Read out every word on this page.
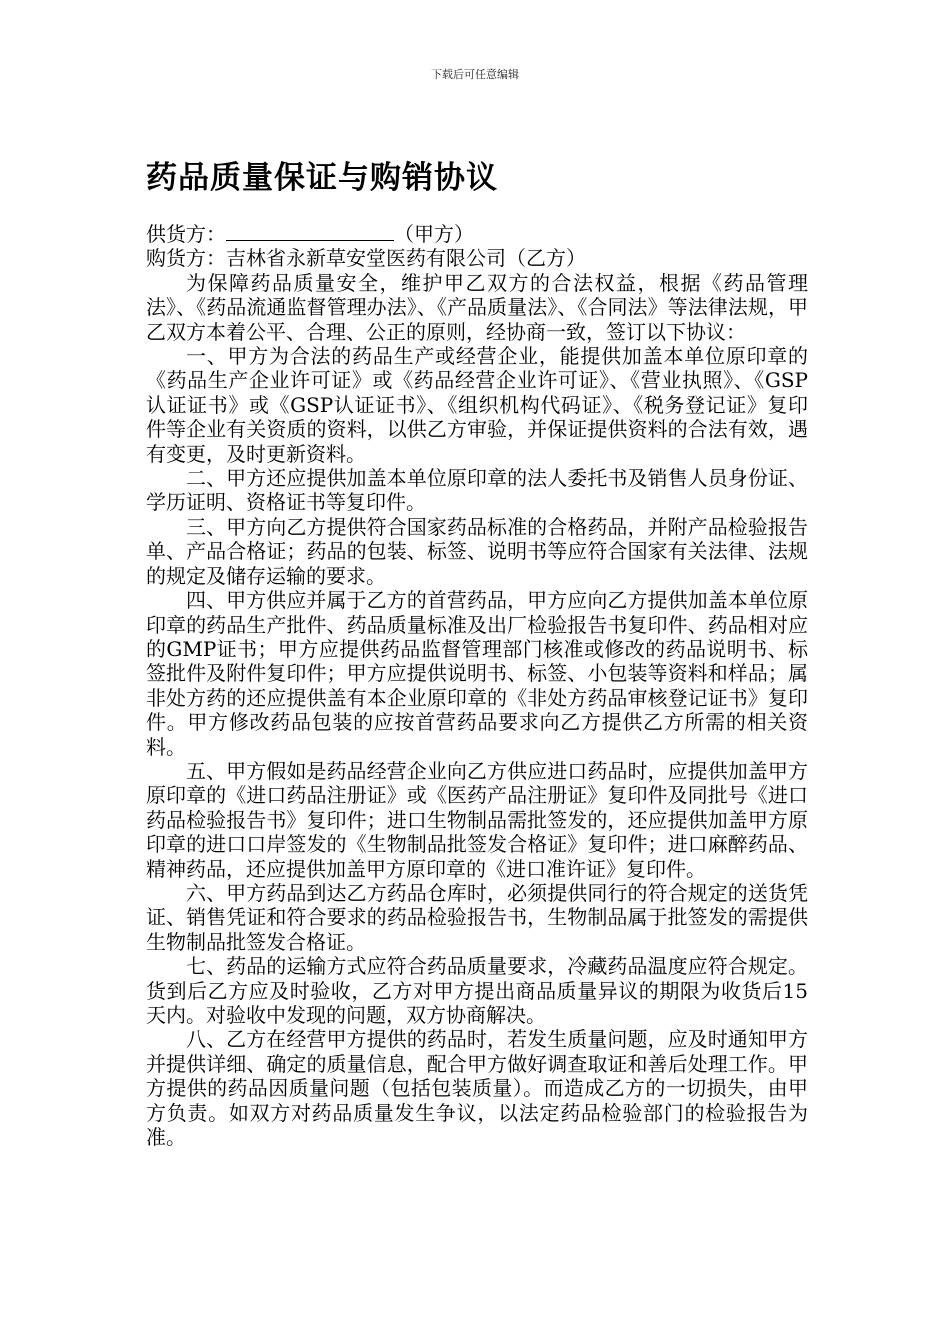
下载后可任意编辑
药品质量保证与购销协议

供货方：	（甲方）

购货方：吉林省永新草安堂医药有限公司（乙方）

为保障药品质量安全，维护甲乙双方的合法权益，根据《药品管理法》、《药品流通监督管理办法》、《产品质量法》、《合同法》等法律法规，甲乙双方本着公平、合理、公正的原则，经协商一致，签订以下协议：

一、甲方为合法的药品生产或经营企业，能提供加盖本单位原印章的《药品生产企业许可证》或《药品经营企业许可证》、《营业执照》、《GSP认证证书》或《GSP认证证书》、《组织机构代码证》、《税务登记证》复印件等企业有关资质的资料，以供乙方审验，并保证提供资料的合法有效，遇有变更，及时更新资料。

二、甲方还应提供加盖本单位原印章的法人委托书及销售人员身份证、学历证明、资格证书等复印件。

三、甲方向乙方提供符合国家药品标准的合格药品，并附产品检验报告单、产品合格证；药品的包装、标签、说明书等应符合国家有关法律、法规的规定及储存运输的要求。

四、甲方供应并属于乙方的首营药品，甲方应向乙方提供加盖本单位原印章的药品生产批件、药品质量标准及出厂检验报告书复印件、药品相对应的GMP证书；甲方应提供药品监督管理部门核准或修改的药品说明书、标签批件及附件复印件；甲方应提供说明书、标签、小包装等资料和样品；属非处方药的还应提供盖有本企业原印章的《非处方药品审核登记证书》复印件。甲方修改药品包装的应按首营药品要求向乙方提供乙方所需的相关资料。

五、甲方假如是药品经营企业向乙方供应进口药品时，应提供加盖甲方原印章的《进口药品注册证》或《医药产品注册证》复印件及同批号《进口药品检验报告书》复印件；进口生物制品需批签发的，还应提供加盖甲方原印章的进口口岸签发的《生物制品批签发合格证》复印件；进口麻醉药品、精神药品，还应提供加盖甲方原印章的《进口准许证》复印件。

六、甲方药品到达乙方药品仓库时，必须提供同行的符合规定的送货凭证、销售凭证和符合要求的药品检验报告书，生物制品属于批签发的需提供生物制品批签发合格证。

七、药品的运输方式应符合药品质量要求，冷藏药品温度应符合规定。货到后乙方应及时验收，乙方对甲方提出商品质量异议的期限为收货后15天内。对验收中发现的问题，双方协商解决。

八、乙方在经营甲方提供的药品时，若发生质量问题，应及时通知甲方并提供详细、确定的质量信息，配合甲方做好调查取证和善后处理工作。甲方提供的药品因质量问题（包括包装质量）。而造成乙方的一切损失，由甲方负责。如双方对药品质量发生争议，以法定药品检验部门的检验报告为准。
